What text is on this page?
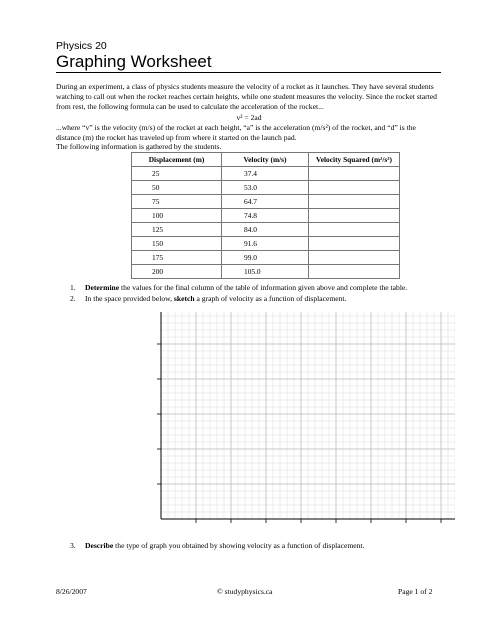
Physics 20
Graphing Worksheet

During an experiment, a class of physics students measure the velocity of a rocket as it launches. They have several students watching to call out when the rocket reaches certain heights, while one student measures the velocity. Since the rocket started from rest, the following formula can be used to calculate the acceleration of the rocket...

v² = 2ad

...where “v” is the velocity (m/s) of the rocket at each height, “a” is the acceleration (m/s²) of the rocket, and “d” is the distance (m) the rocket has traveled up from where it started on the launch pad.

The following information is gathered by the students.
Displacement (m)	Velocity (m/s)	Velocity Squared (m²/s²)
25	37.4	
50	53.0	
75	64.7	
100	74.8	
125	84.0	
150	91.6	
175	99.0	
200	105.0	
1. Determine the values for the final column of the table of information given above and complete the table.
2. In the space provided below, sketch a graph of velocity as a function of displacement.
3. Describe the type of graph you obtained by showing velocity as a function of displacement.
8/26/2007	© studyphysics.ca	Page 1 of 2
